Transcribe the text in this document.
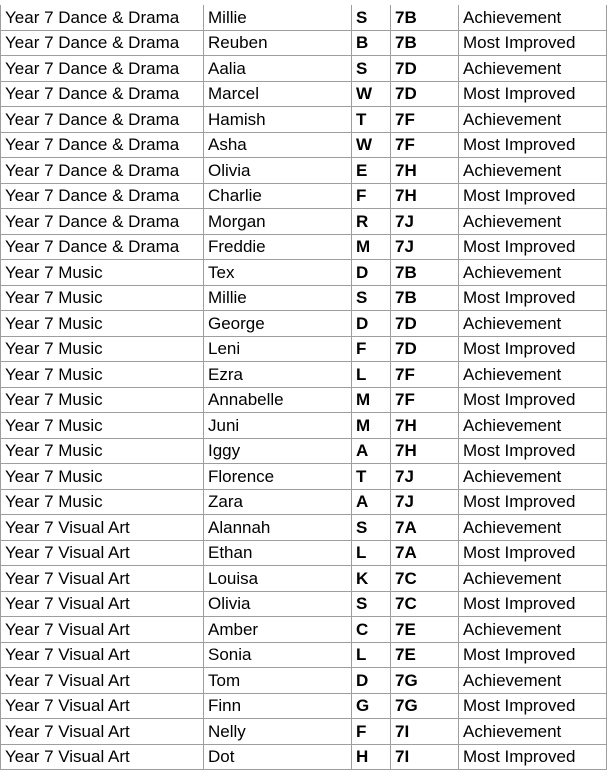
Year 7 Dance & Drama	Millie	S	7B	Achievement
Year 7 Dance & Drama	Reuben	B	7B	Most Improved
Year 7 Dance & Drama	Aalia	S	7D	Achievement
Year 7 Dance & Drama	Marcel	W	7D	Most Improved
Year 7 Dance & Drama	Hamish	T	7F	Achievement
Year 7 Dance & Drama	Asha	W	7F	Most Improved
Year 7 Dance & Drama	Olivia	E	7H	Achievement
Year 7 Dance & Drama	Charlie	F	7H	Most Improved
Year 7 Dance & Drama	Morgan	R	7J	Achievement
Year 7 Dance & Drama	Freddie	M	7J	Most Improved
Year 7 Music	Tex	D	7B	Achievement
Year 7 Music	Millie	S	7B	Most Improved
Year 7 Music	George	D	7D	Achievement
Year 7 Music	Leni	F	7D	Most Improved
Year 7 Music	Ezra	L	7F	Achievement
Year 7 Music	Annabelle	M	7F	Most Improved
Year 7 Music	Juni	M	7H	Achievement
Year 7 Music	Iggy	A	7H	Most Improved
Year 7 Music	Florence	T	7J	Achievement
Year 7 Music	Zara	A	7J	Most Improved
Year 7 Visual Art	Alannah	S	7A	Achievement
Year 7 Visual Art	Ethan	L	7A	Most Improved
Year 7 Visual Art	Louisa	K	7C	Achievement
Year 7 Visual Art	Olivia	S	7C	Most Improved
Year 7 Visual Art	Amber	C	7E	Achievement
Year 7 Visual Art	Sonia	L	7E	Most Improved
Year 7 Visual Art	Tom	D	7G	Achievement
Year 7 Visual Art	Finn	G	7G	Most Improved
Year 7 Visual Art	Nelly	F	7I	Achievement
Year 7 Visual Art	Dot	H	7I	Most Improved
